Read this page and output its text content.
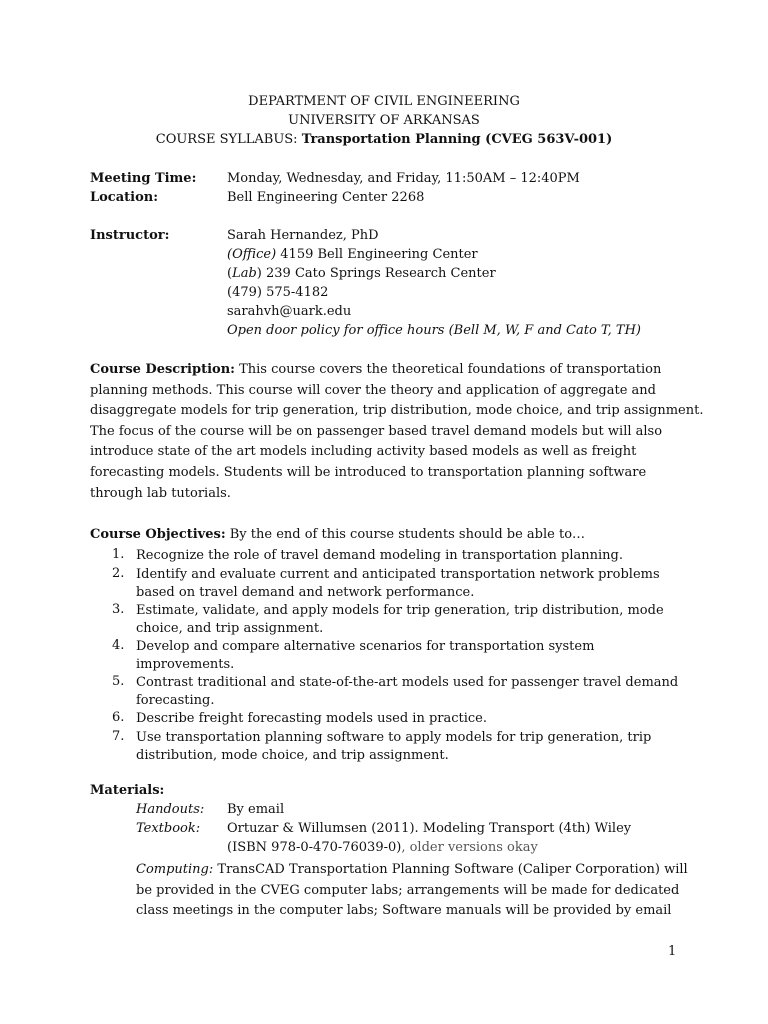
DEPARTMENT OF CIVIL ENGINEERING
UNIVERSITY OF ARKANSAS
COURSE SYLLABUS: Transportation Planning (CVEG 563V-001)
Meeting Time: Monday, Wednesday, and Friday, 11:50AM – 12:40PM
Location:	Bell Engineering Center 2268
Instructor:	Sarah Hernandez, PhD
(Office) 4159 Bell Engineering Center
(Lab) 239 Cato Springs Research Center
(479) 575-4182
sarahvh@uark.edu
Open door policy for office hours (Bell M, W, F and Cato T, TH)

Course Description: This course covers the theoretical foundations of transportation

planning methods. This course will cover the theory and application of aggregate and

disaggregate models for trip generation, trip distribution, mode choice, and trip assignment.

The focus of the course will be on passenger based travel demand models but will also

introduce state of the art models including activity based models as well as freight

forecasting models. Students will be introduced to transportation planning software

through lab tutorials.

Course Objectives: By the end of this course students should be able to…
1. Recognize the role of travel demand modeling in transportation planning.
2. Identify and evaluate current and anticipated transportation network problems
based on travel demand and network performance.
3. Estimate, validate, and apply models for trip generation, trip distribution, mode
choice, and trip assignment.
4. Develop and compare alternative scenarios for transportation system
improvements.
5. Contrast traditional and state-of-the-art models used for passenger travel demand
forecasting.
6. Describe freight forecasting models used in practice.
7. Use transportation planning software to apply models for trip generation, trip
distribution, mode choice, and trip assignment.
Materials:
Handouts: By email
Textbook: Ortuzar & Willumsen (2011). Modeling Transport (4th) Wiley
(ISBN 978-0-470-76039-0), older versions okay

Computing: TransCAD Transportation Planning Software (Caliper Corporation) will

be provided in the CVEG computer labs; arrangements will be made for dedicated

class meetings in the computer labs; Software manuals will be provided by email

1
